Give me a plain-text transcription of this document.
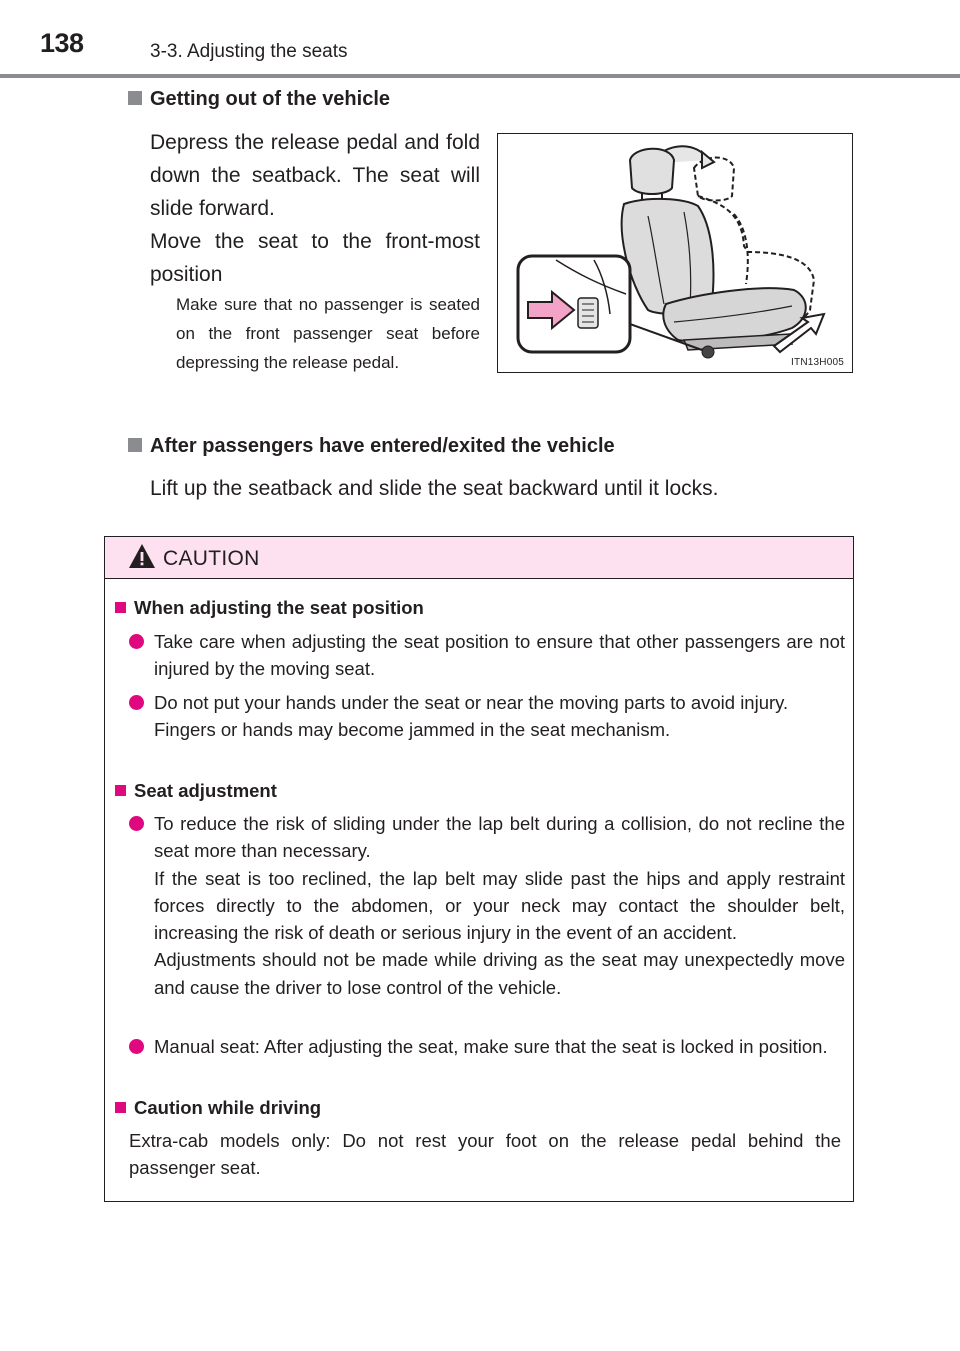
138	3-3. Adjusting the seats
Getting out of the vehicle
Depress the release pedal and fold down the seatback. The seat will slide forward.
Move the seat to the front-most position
Make sure that no passenger is seated on the front passenger seat before depressing the release pedal.	ITN13H005
After passengers have entered/exited the vehicle
Lift up the seatback and slide the seat backward until it locks.
CAUTION
When adjusting the seat position
Take care when adjusting the seat position to ensure that other passengers are not injured by the moving seat.
Do not put your hands under the seat or near the moving parts to avoid injury.
Fingers or hands may become jammed in the seat mechanism.
Seat adjustment
To reduce the risk of sliding under the lap belt during a collision, do not recline the seat more than necessary.
If the seat is too reclined, the lap belt may slide past the hips and apply restraint forces directly to the abdomen, or your neck may contact the shoulder belt, increasing the risk of death or serious injury in the event of an accident.
Adjustments should not be made while driving as the seat may unexpectedly move and cause the driver to lose control of the vehicle.
Manual seat: After adjusting the seat, make sure that the seat is locked in position.
Caution while driving
Extra-cab models only: Do not rest your foot on the release pedal behind the passenger seat.
